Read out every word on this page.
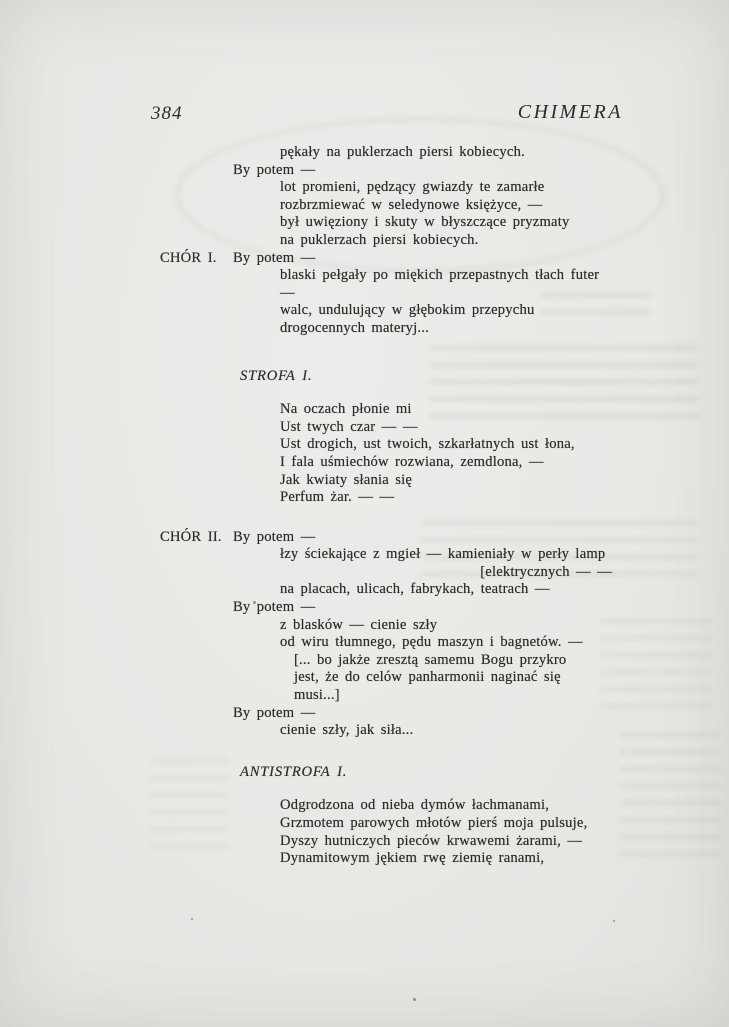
384	CHIMERA
pękały na puklerzach piersi kobiecych.
By potem —
lot promieni, pędzący gwiazdy te zamarłe
rozbrzmiewać w seledynowe księżyce, —
był uwięziony i skuty w błyszczące pryzmaty
na puklerzach piersi kobiecych.
CHÓR I. By potem —
blaski pełgały po miękich przepastnych tłach futer —
walc, undulujący w głębokim przepychu
drogocennych materyj...
STROFA I.
Na oczach płonie mi
Ust twych czar — —
Ust drogich, ust twoich, szkarłatnych ust łona,
I fala uśmiechów rozwiana, zemdlona, —
Jak kwiaty słania się
Perfum żar. — —
CHÓR II. By potem —
łzy ściekające z mgieł — kamieniały w perły lamp
[elektrycznych — —
na placach, ulicach, fabrykach, teatrach —
By potem —
z blasków — cienie szły
od wiru tłumnego, pędu maszyn i bagnetów. —
[... bo jakże zresztą samemu Bogu przykro
jest, że do celów panharmonii naginać się
musi...]
By potem —
cienie szły, jak siła...
ANTISTROFA I.
Odgrodzona od nieba dymów łachmanami,
Grzmotem parowych młotów pierś moja pulsuje,
Dyszy hutniczych pieców krwawemi żarami, —
Dynamitowym jękiem rwę ziemię ranami,
